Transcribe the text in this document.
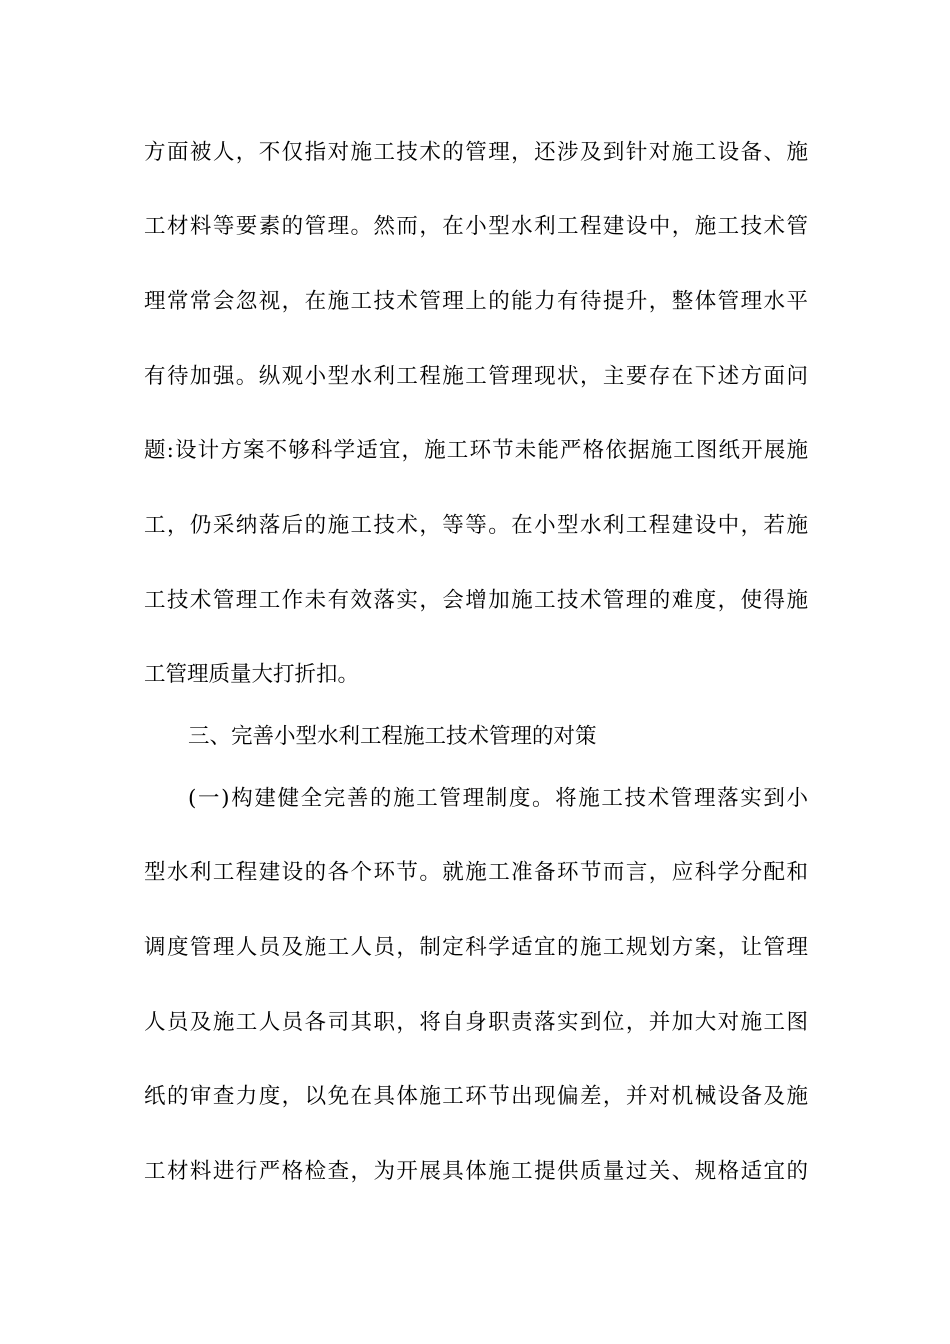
方面被人，不仅指对施工技术的管理，还涉及到针对施工设备、施
工材料等要素的管理。然而，在小型水利工程建设中，施工技术管
理常常会忽视，在施工技术管理上的能力有待提升，整体管理水平
有待加强。纵观小型水利工程施工管理现状，主要存在下述方面问
题:设计方案不够科学适宜，施工环节未能严格依据施工图纸开展施
工，仍采纳落后的施工技术，等等。在小型水利工程建设中，若施
工技术管理工作未有效落实，会增加施工技术管理的难度，使得施
工管理质量大打折扣。
三、完善小型水利工程施工技术管理的对策
(一)构建健全完善的施工管理制度。将施工技术管理落实到小
型水利工程建设的各个环节。就施工准备环节而言，应科学分配和
调度管理人员及施工人员，制定科学适宜的施工规划方案，让管理
人员及施工人员各司其职，将自身职责落实到位，并加大对施工图
纸的审查力度，以免在具体施工环节出现偏差，并对机械设备及施
工材料进行严格检查，为开展具体施工提供质量过关、规格适宜的
